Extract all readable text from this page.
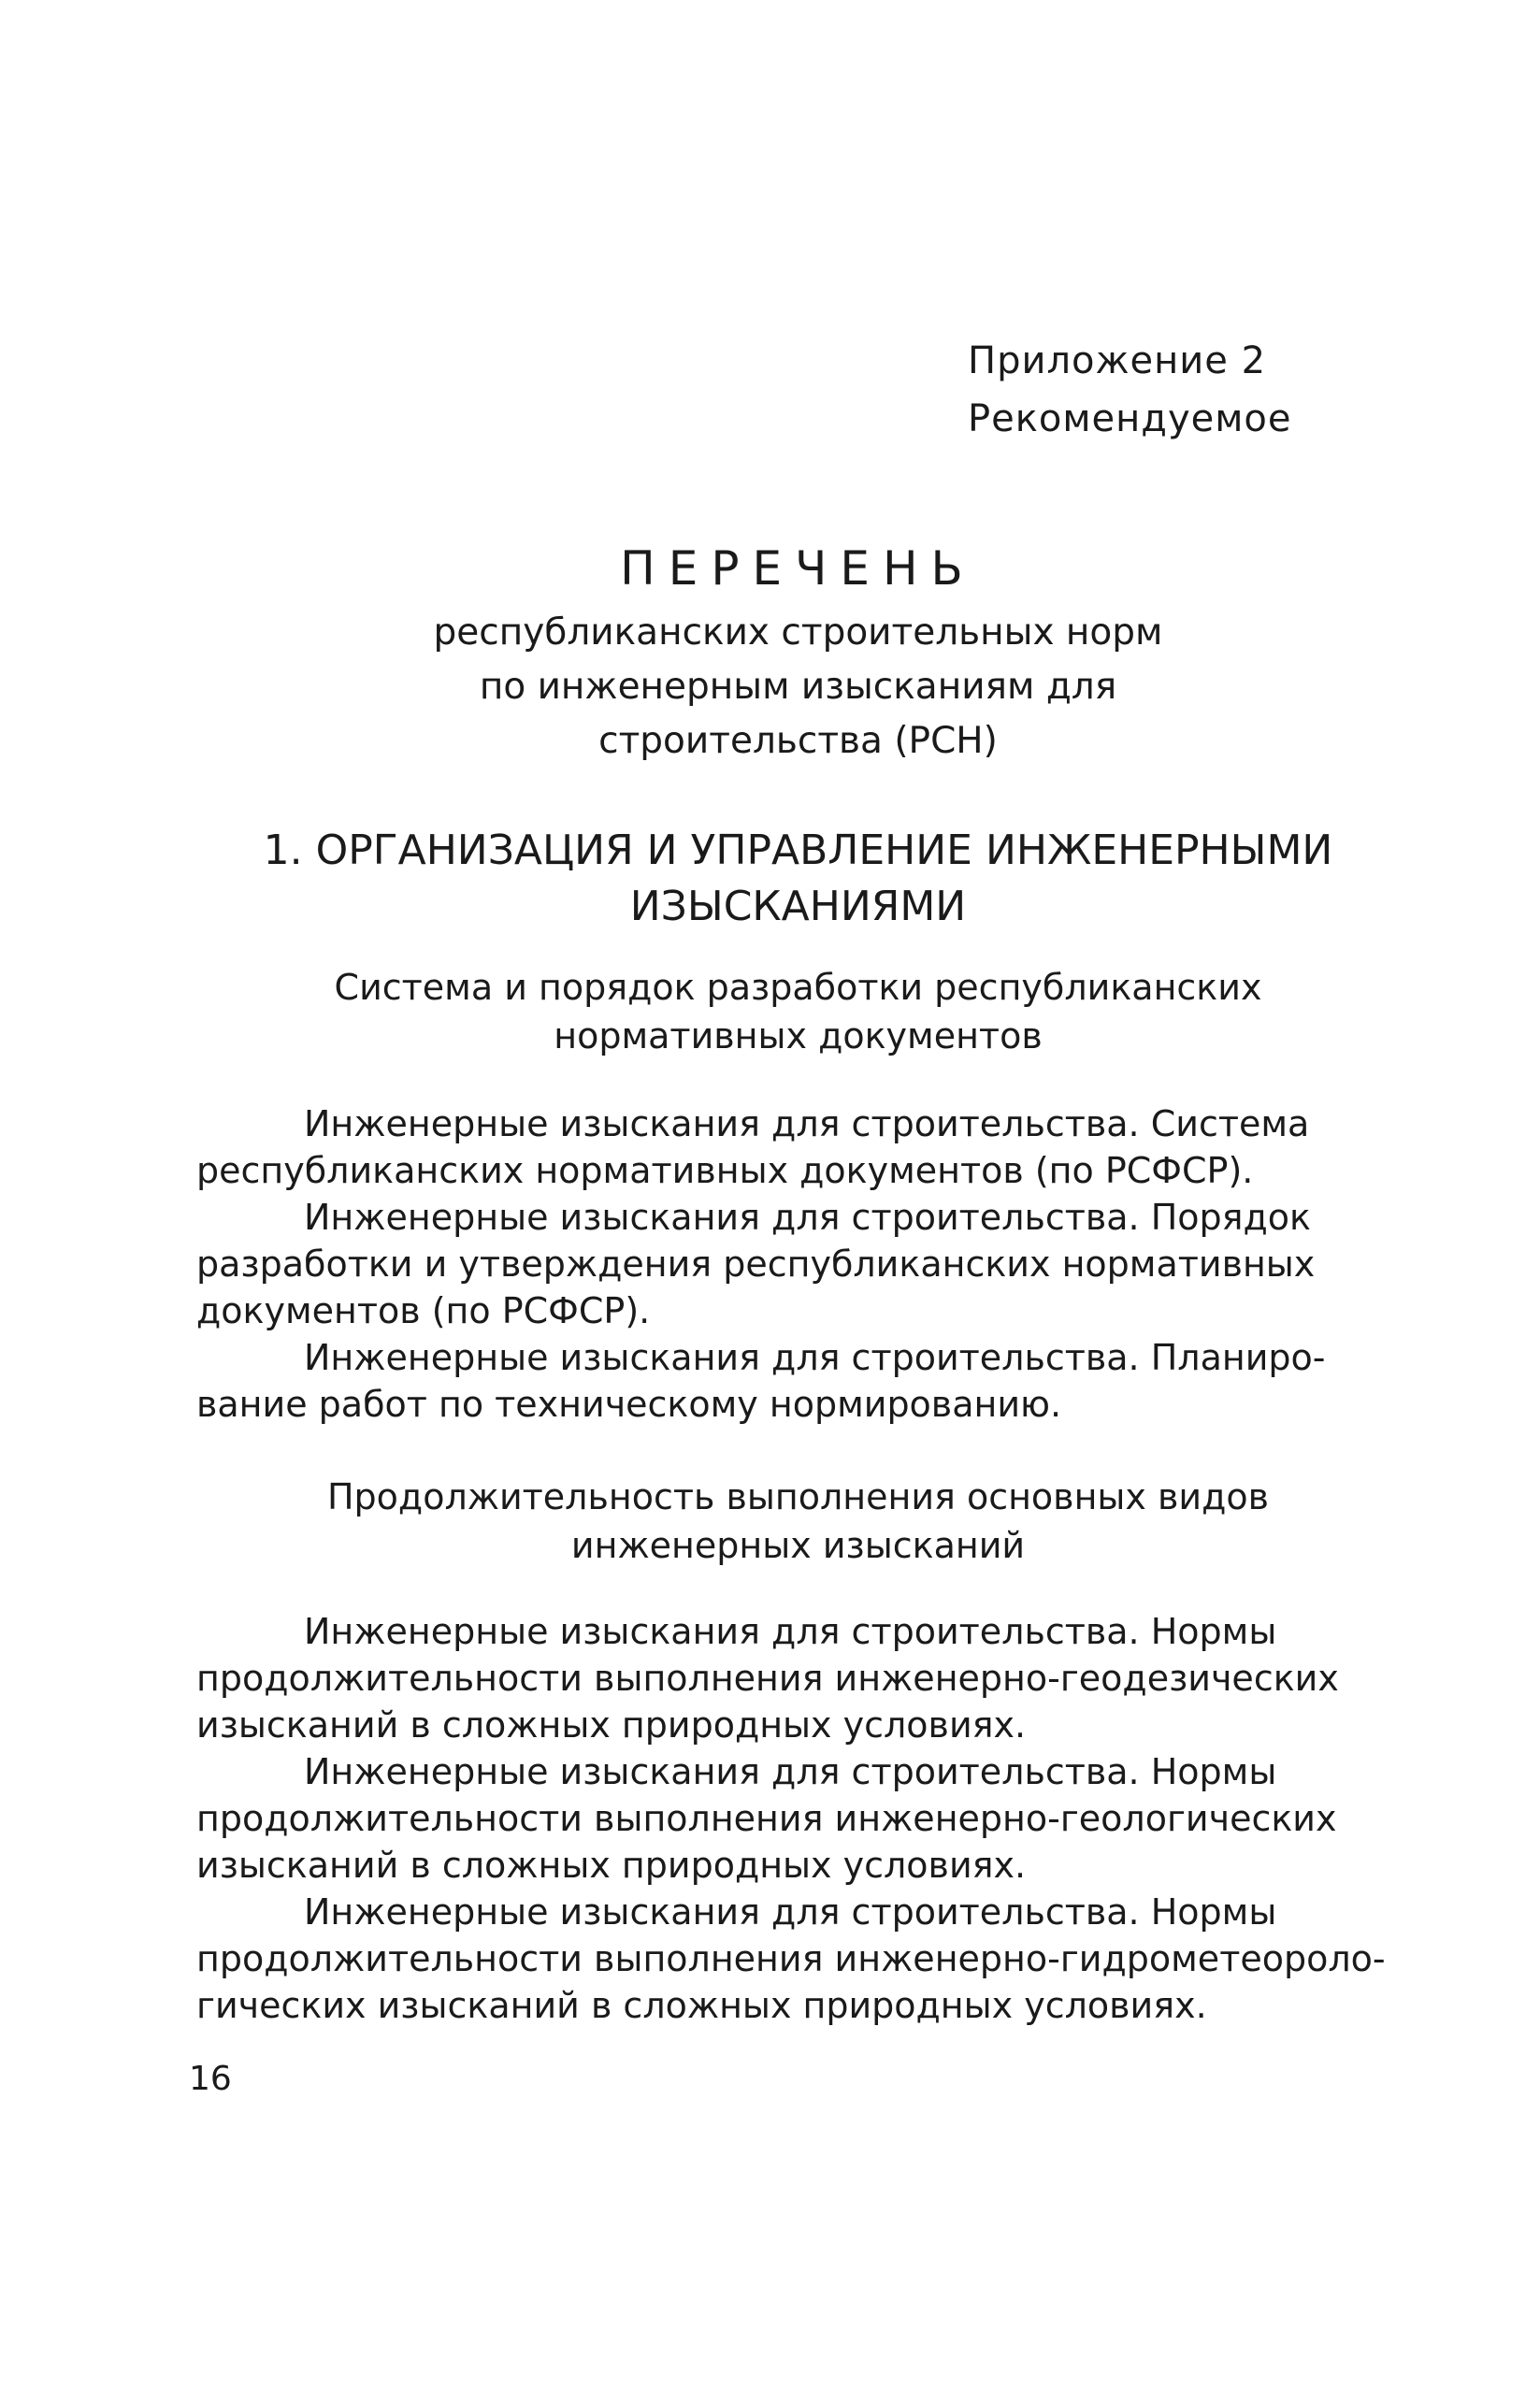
Приложение 2
Рекомендуемое
ПЕРЕЧЕНЬ
республиканских строительных норм
по инженерным изысканиям для
строительства (РСН)
1. ОРГАНИЗАЦИЯ И УПРАВЛЕНИЕ ИНЖЕНЕРНЫМИ
ИЗЫСКАНИЯМИ
Система и порядок разработки республиканских
нормативных документов
Инженерные изыскания для строительства. Система
республиканских нормативных документов (по РСФСР).
Инженерные изыскания для строительства. Порядок
разработки и утверждения республиканских нормативных
документов (по РСФСР).
Инженерные изыскания для строительства. Планиро-
вание работ по техническому нормированию.
Продолжительность выполнения основных видов
инженерных изысканий
Инженерные изыскания для строительства. Нормы
продолжительности выполнения инженерно-геодезических
изысканий в сложных природных условиях.
Инженерные изыскания для строительства. Нормы
продолжительности выполнения инженерно-геологических
изысканий в сложных природных условиях.
Инженерные изыскания для строительства. Нормы
продолжительности выполнения инженерно-гидрометеороло-
гических изысканий в сложных природных условиях.
16
